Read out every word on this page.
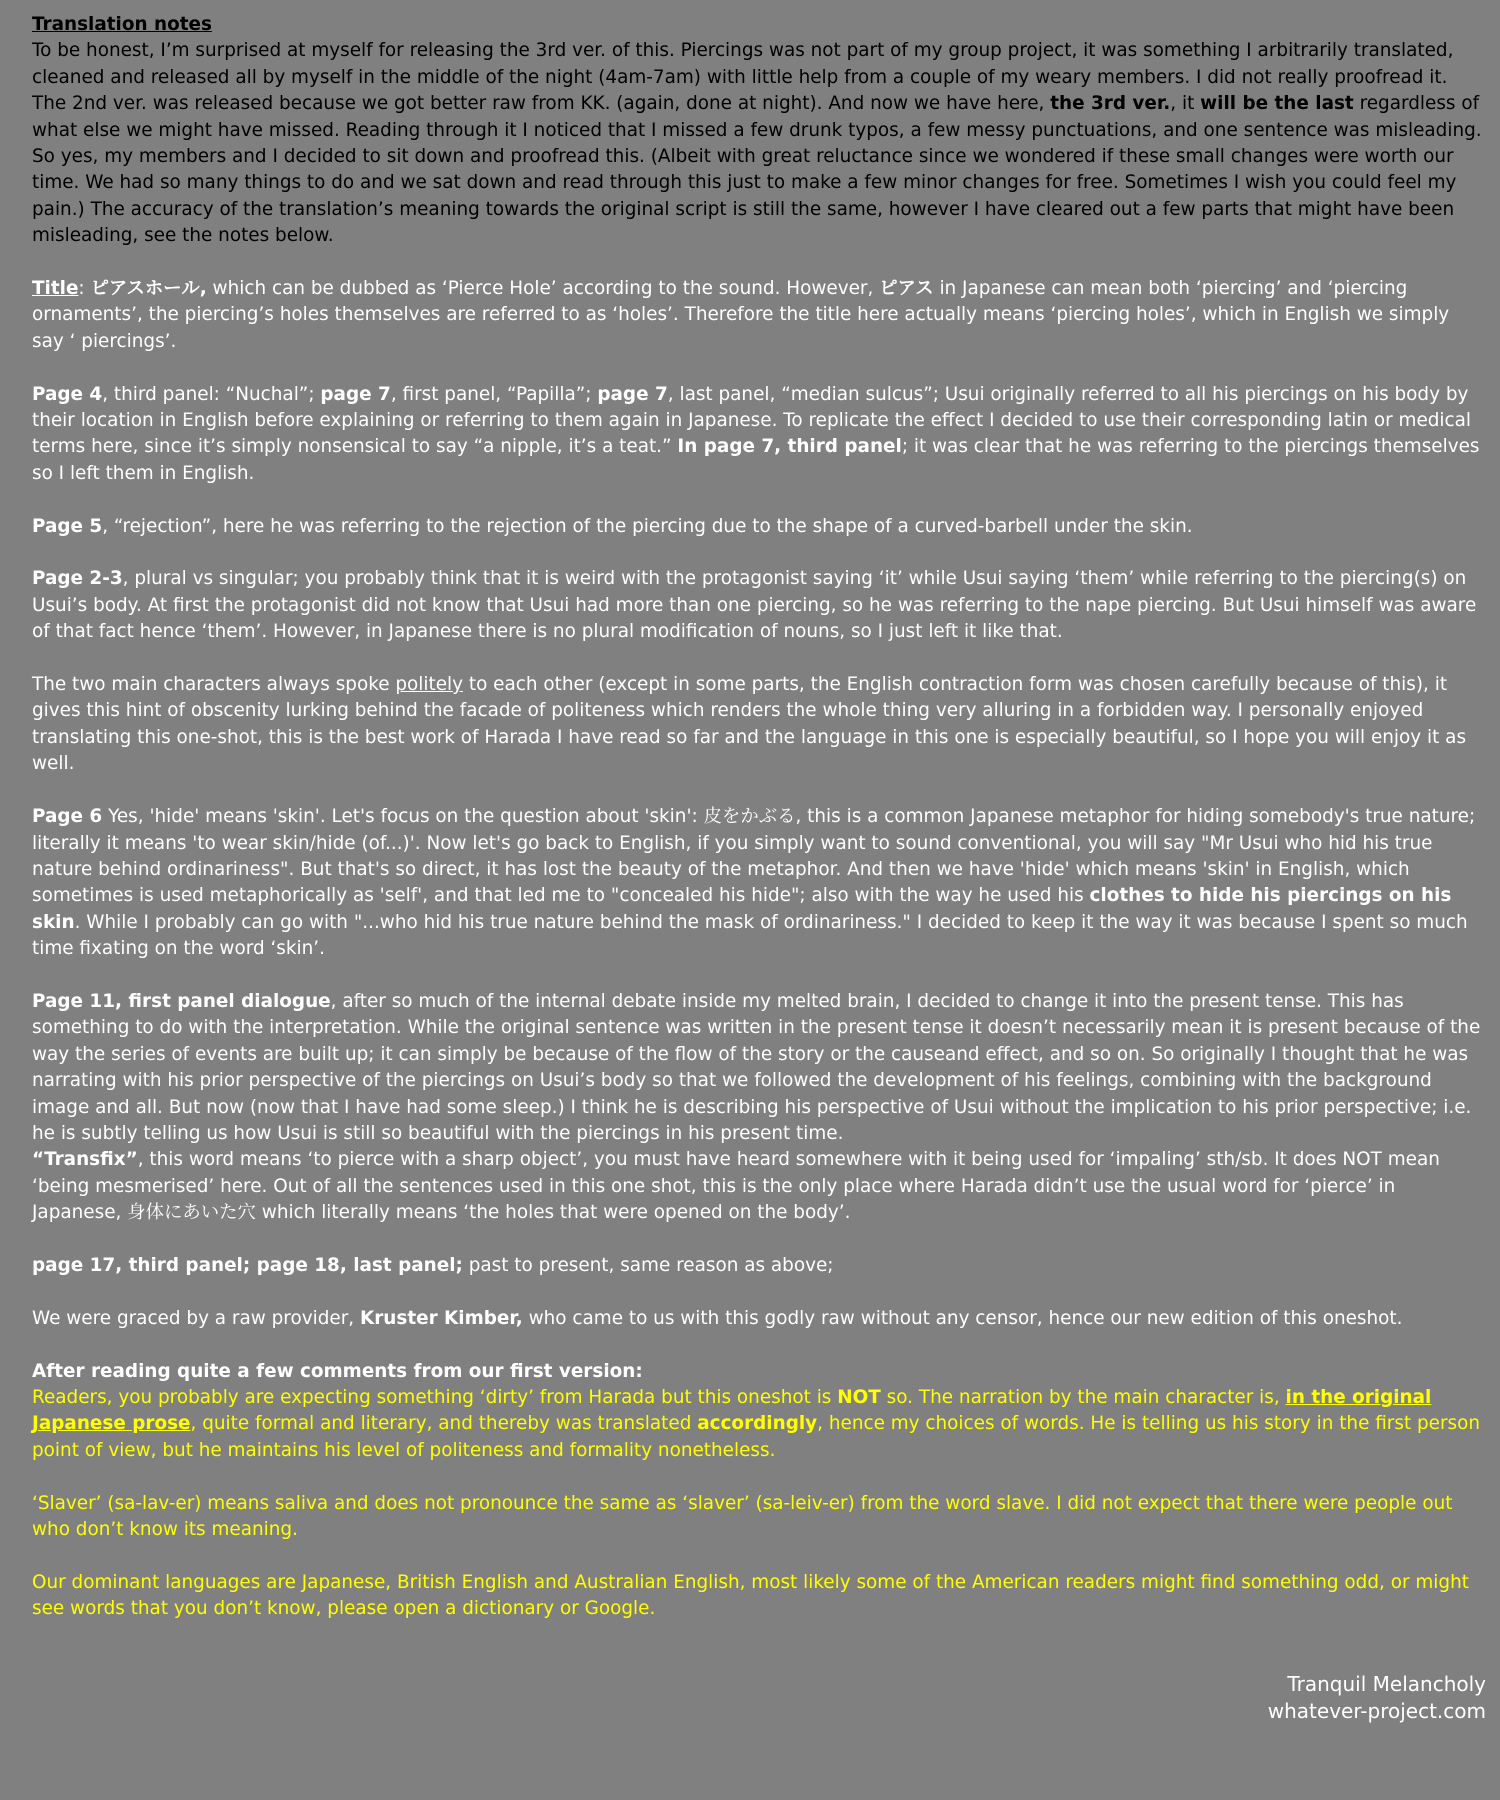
Translation notes
To be honest, I’m surprised at myself for releasing the 3rd ver. of this. Piercings was not part of my group project, it was something I arbitrarily translated, cleaned and released all by myself in the middle of the night (4am-7am) with little help from a couple of my weary members. I did not really proofread it. The 2nd ver. was released because we got better raw from KK. (again, done at night). And now we have here, the 3rd ver., it will be the last regardless of what else we might have missed. Reading through it I noticed that I missed a few drunk typos, a few messy punctuations, and one sentence was misleading. So yes, my members and I decided to sit down and proofread this. (Albeit with great reluctance since we wondered if these small changes were worth our time. We had so many things to do and we sat down and read through this just to make a few minor changes for free. Sometimes I wish you could feel my pain.) The accuracy of the translation’s meaning towards the original script is still the same, however I have cleared out a few parts that might have been misleading, see the notes below.

Title: ピアスホール, which can be dubbed as ‘Pierce Hole’ according to the sound. However, ピアス in Japanese can mean both ‘piercing’ and ‘piercing ornaments’, the piercing’s holes themselves are referred to as ‘holes’. Therefore the title here actually means ‘piercing holes’, which in English we simply say ‘ piercings’.

Page 4, third panel: “Nuchal”; page 7, first panel, “Papilla”; page 7, last panel, “median sulcus”; Usui originally referred to all his piercings on his body by their location in English before explaining or referring to them again in Japanese. To replicate the effect I decided to use their corresponding latin or medical terms here, since it’s simply nonsensical to say “a nipple, it’s a teat.” In page 7, third panel; it was clear that he was referring to the piercings themselves so I left them in English.

Page 5, “rejection”, here he was referring to the rejection of the piercing due to the shape of a curved-barbell under the skin.

Page 2-3, plural vs singular; you probably think that it is weird with the protagonist saying ‘it’ while Usui saying ‘them’ while referring to the piercing(s) on Usui’s body. At first the protagonist did not know that Usui had more than one piercing, so he was referring to the nape piercing. But Usui himself was aware of that fact hence ‘them’. However, in Japanese there is no plural modification of nouns, so I just left it like that.

The two main characters always spoke politely to each other (except in some parts, the English contraction form was chosen carefully because of this), it gives this hint of obscenity lurking behind the facade of politeness which renders the whole thing very alluring in a forbidden way. I personally enjoyed translating this one-shot, this is the best work of Harada I have read so far and the language in this one is especially beautiful, so I hope you will enjoy it as well.

Page 6 Yes, 'hide' means 'skin'. Let's focus on the question about 'skin': 皮をかぶる, this is a common Japanese metaphor for hiding somebody's true nature; literally it means 'to wear skin/hide (of...)'. Now let's go back to English, if you simply want to sound conventional, you will say "Mr Usui who hid his true nature behind ordinariness". But that's so direct, it has lost the beauty of the metaphor. And then we have 'hide' which means 'skin' in English, which sometimes is used metaphorically as 'self', and that led me to "concealed his hide"; also with the way he used his clothes to hide his piercings on his skin. While I probably can go with "...who hid his true nature behind the mask of ordinariness." I decided to keep it the way it was because I spent so much time fixating on the word ‘skin’.

Page 11, first panel dialogue, after so much of the internal debate inside my melted brain, I decided to change it into the present tense. This has something to do with the interpretation. While the original sentence was written in the present tense it doesn’t necessarily mean it is present because of the way the series of events are built up; it can simply be because of the flow of the story or the causeand effect, and so on. So originally I thought that he was narrating with his prior perspective of the piercings on Usui’s body so that we followed the development of his feelings, combining with the background image and all. But now (now that I have had some sleep.) I think he is describing his perspective of Usui without the implication to his prior perspective; i.e. he is subtly telling us how Usui is still so beautiful with the piercings in his present time.
“Transfix”, this word means ‘to pierce with a sharp object’, you must have heard somewhere with it being used for ‘impaling’ sth/sb. It does NOT mean ‘being mesmerised’ here. Out of all the sentences used in this one shot, this is the only place where Harada didn’t use the usual word for ‘pierce’ in Japanese, 身体にあいた穴 which literally means ‘the holes that were opened on the body’.

page 17, third panel; page 18, last panel; past to present, same reason as above;

We were graced by a raw provider, Kruster Kimber, who came to us with this godly raw without any censor, hence our new edition of this oneshot.

After reading quite a few comments from our first version:
Readers, you probably are expecting something ‘dirty’ from Harada but this oneshot is NOT so. The narration by the main character is, in the original Japanese prose, quite formal and literary, and thereby was translated accordingly, hence my choices of words. He is telling us his story in the first person point of view, but he maintains his level of politeness and formality nonetheless.

‘Slaver’ (sa-lav-er) means saliva and does not pronounce the same as ‘slaver’ (sa-leiv-er) from the word slave. I did not expect that there were people out who don’t know its meaning.

Our dominant languages are Japanese, British English and Australian English, most likely some of the American readers might find something odd, or might see words that you don’t know, please open a dictionary or Google.

Tranquil Melancholy
whatever-project.com
